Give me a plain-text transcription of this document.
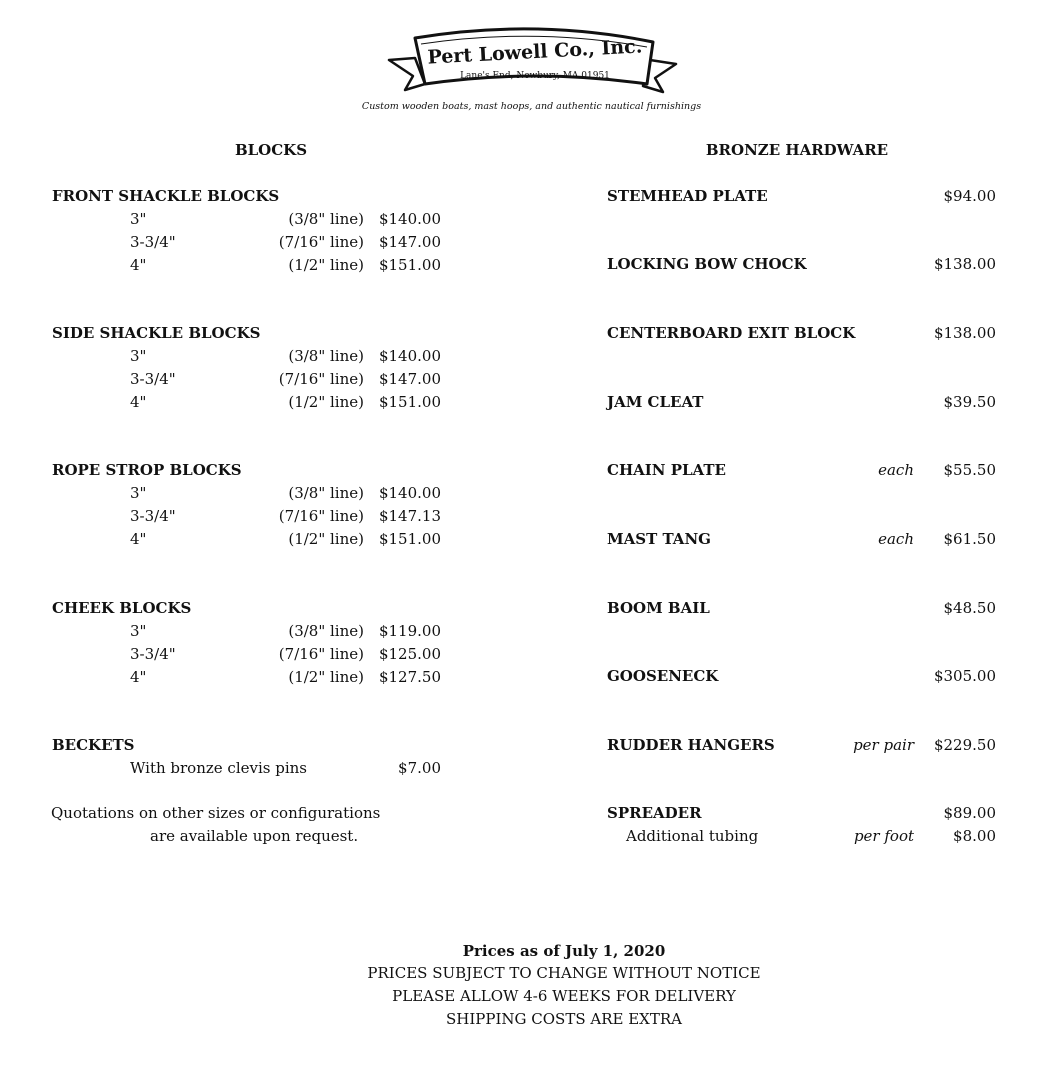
Pert Lowell Co., Inc.
Lane's End, Newbury, MA 01951
Custom wooden boats, mast hoops, and authentic nautical furnishings
BLOCKS
FRONT SHACKLE BLOCKS
3"	(3/8" line) $140.00
3-3/4"	(7/16" line) $147.00
4"	(1/2" line) $151.00
SIDE SHACKLE BLOCKS
3"	(3/8" line) $140.00
3-3/4"	(7/16" line) $147.00
4"	(1/2" line) $151.00
ROPE STROP BLOCKS
3"	(3/8" line) $140.00
3-3/4"	(7/16" line) $147.13
4"	(1/2" line) $151.00
CHEEK BLOCKS
3"	(3/8" line) $119.00
3-3/4"	(7/16" line) $125.00
4"	(1/2" line) $127.50
BECKETS
With bronze clevis pins	$7.00
Quotations on other sizes or configurations
are available upon request.
BRONZE HARDWARE
STEMHEAD PLATE	$94.00
LOCKING BOW CHOCK	$138.00
CENTERBOARD EXIT BLOCK	$138.00
JAM CLEAT	$39.50
CHAIN PLATE	each	$55.50
MAST TANG	each	$61.50
BOOM BAIL	$48.50
GOOSENECK	$305.00
RUDDER HANGERS	per pair	$229.50
SPREADER	$89.00
Additional tubing	per foot	$8.00
Prices as of July 1, 2020
PRICES SUBJECT TO CHANGE WITHOUT NOTICE
PLEASE ALLOW 4-6 WEEKS FOR DELIVERY
SHIPPING COSTS ARE EXTRA
